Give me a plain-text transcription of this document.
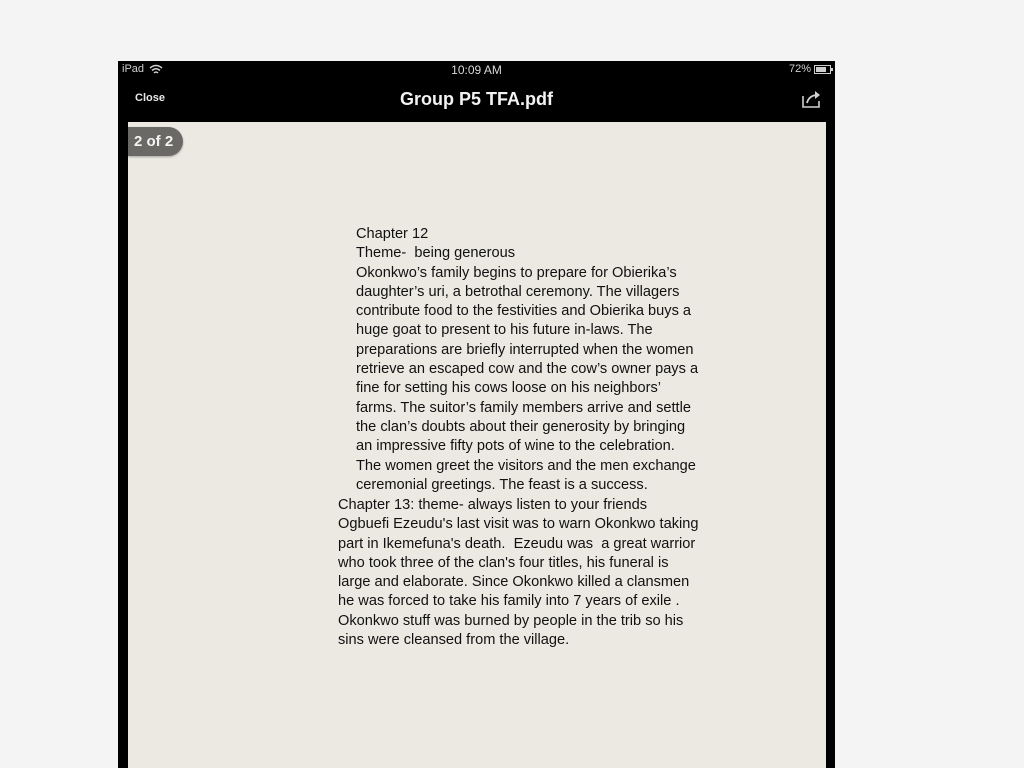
iPad	10:09 AM	72%
Close	Group P5 TFA.pdf
2 of 2
Chapter 12
Theme-  being generous
Okonkwo’s family begins to prepare for Obierika’s
daughter’s uri, a betrothal ceremony. The villagers
contribute food to the festivities and Obierika buys a
huge goat to present to his future in-laws. The
preparations are briefly interrupted when the women
retrieve an escaped cow and the cow’s owner pays a
fine for setting his cows loose on his neighbors’
farms. The suitor’s family members arrive and settle
the clan’s doubts about their generosity by bringing
an impressive fifty pots of wine to the celebration.
The women greet the visitors and the men exchange
ceremonial greetings. The feast is a success.
Chapter 13: theme- always listen to your friends
Ogbuefi Ezeudu's last visit was to warn Okonkwo taking
part in Ikemefuna's death.  Ezeudu was  a great warrior
who took three of the clan's four titles, his funeral is
large and elaborate. Since Okonkwo killed a clansmen
he was forced to take his family into 7 years of exile .
Okonkwo stuff was burned by people in the trib so his
sins were cleansed from the village.
